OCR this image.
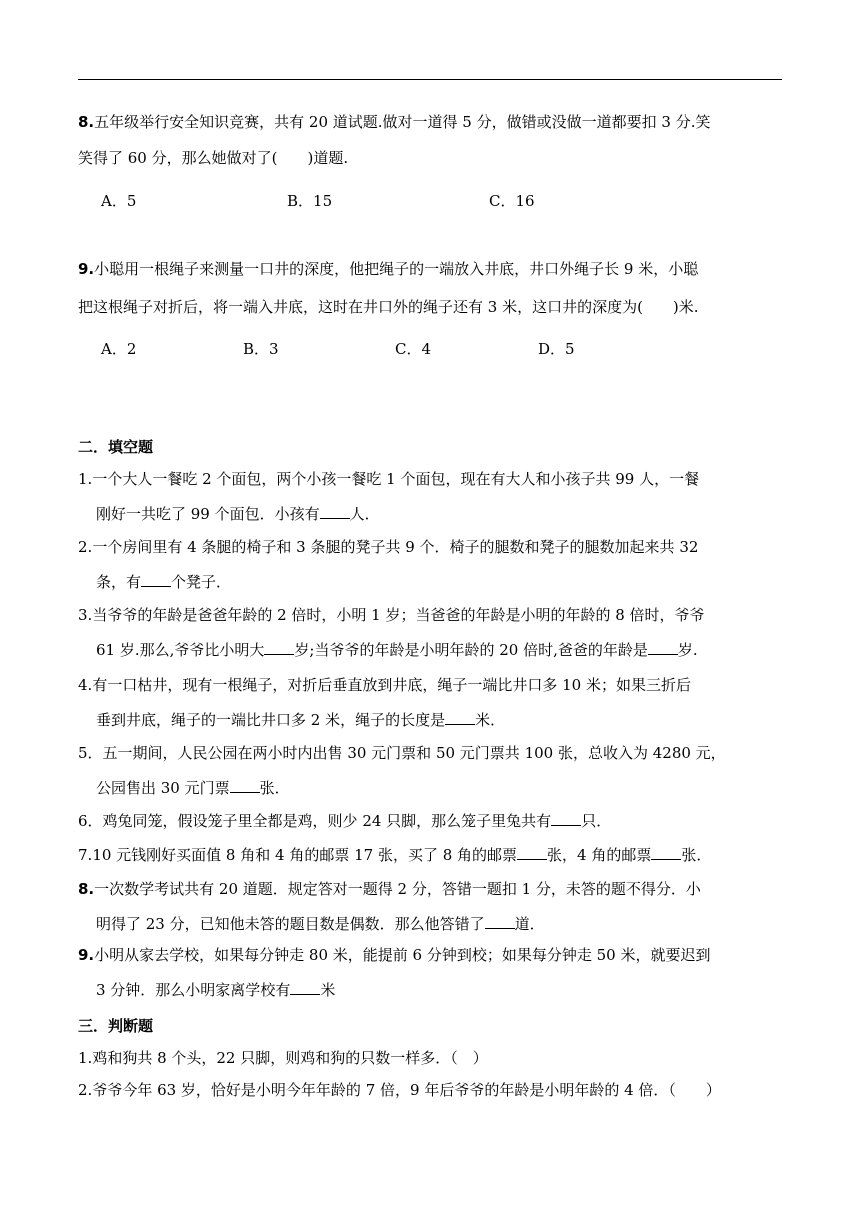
8.五年级举行安全知识竞赛，共有 20 道试题.做对一道得 5 分，做错或没做一道都要扣 3 分.笑
笑得了 60 分，那么她做对了(　　)道题.
A．5	B．15	C．16
9.小聪用一根绳子来测量一口井的深度，他把绳子的一端放入井底，井口外绳子长 9 米，小聪
把这根绳子对折后，将一端入井底，这时在井口外的绳子还有 3 米，这口井的深度为(　　)米.
A．2	B．3	C．4	D．5
二．填空题
1.一个大人一餐吃 2 个面包，两个小孩一餐吃 1 个面包，现在有大人和小孩子共 99 人，一餐
刚好一共吃了 99 个面包．小孩有 人．
2.一个房间里有 4 条腿的椅子和 3 条腿的凳子共 9 个．椅子的腿数和凳子的腿数加起来共 32
条，有 个凳子．
3.当爷爷的年龄是爸爸年龄的 2 倍时，小明 1 岁；当爸爸的年龄是小明的年龄的 8 倍时，爷爷
61 岁.那么,爷爷比小明大 岁;当爷爷的年龄是小明年龄的 20 倍时,爸爸的年龄是 岁.
4.有一口枯井，现有一根绳子，对折后垂直放到井底，绳子一端比井口多 10 米；如果三折后
垂到井底，绳子的一端比井口多 2 米，绳子的长度是 米．
5．五一期间，人民公园在两小时内出售 30 元门票和 50 元门票共 100 张，总收入为 4280 元，
公园售出 30 元门票 张．
6．鸡兔同笼，假设笼子里全都是鸡，则少 24 只脚，那么笼子里兔共有 只．
7.10 元钱刚好买面值 8 角和 4 角的邮票 17 张，买了 8 角的邮票 张，4 角的邮票 张．
8.一次数学考试共有 20 道题．规定答对一题得 2 分，答错一题扣 1 分，未答的题不得分．小
明得了 23 分，已知他未答的题目数是偶数．那么他答错了 道．
9.小明从家去学校，如果每分钟走 80 米，能提前 6 分钟到校；如果每分钟走 50 米，就要迟到
3 分钟．那么小明家离学校有 米
三．判断题
1.鸡和狗共 8 个头，22 只脚，则鸡和狗的只数一样多．（　）
2.爷爷今年 63 岁，恰好是小明今年年龄的 7 倍，9 年后爷爷的年龄是小明年龄的 4 倍．（　　）
